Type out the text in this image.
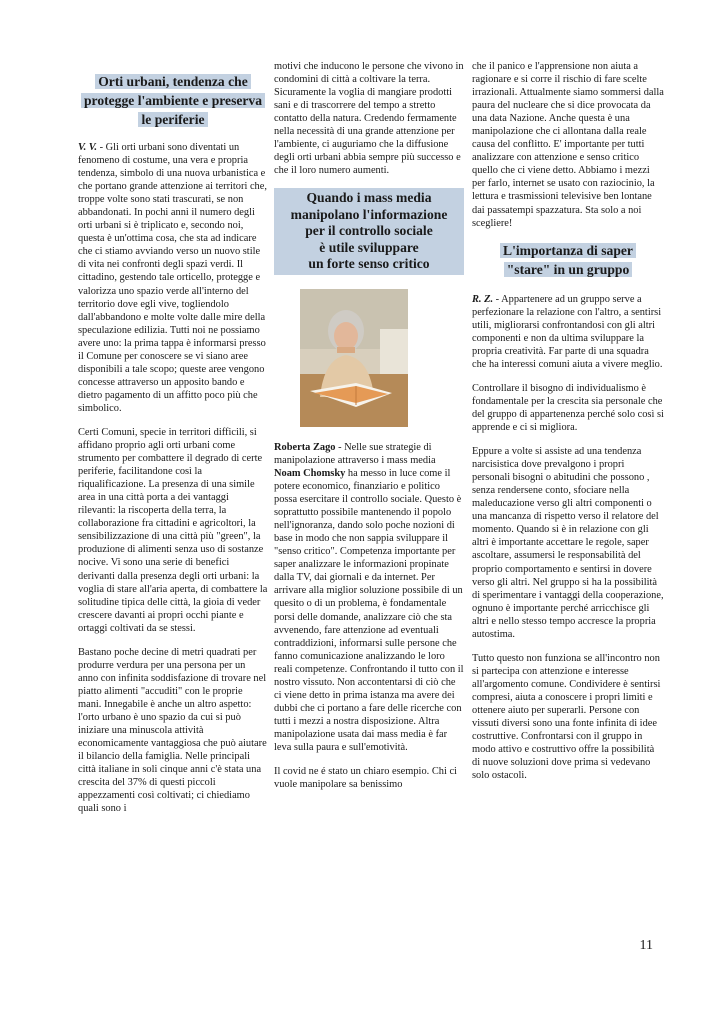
Orti urbani, tendenza che protegge l'ambiente e preserva le periferie

V. V. - Gli orti urbani sono diventati un fenomeno di costume, una vera e propria tendenza, simbolo di una nuova urbanistica e che portano grande attenzione ai territori che, troppe volte sono stati trascurati, se non abbandonati. In pochi anni il numero degli orti urbani si è triplicato e, secondo noi, questa è un'ottima cosa, che sta ad indicare che ci stiamo avviando verso un nuovo stile di vita nei confronti degli spazi verdi. Il cittadino, gestendo tale orticello, protegge e valorizza uno spazio verde all'interno del territorio dove egli vive, togliendolo dall'abbandono e molte volte dalle mire della speculazione edilizia. Tutti noi ne possiamo avere uno: la prima tappa è informarsi presso il Comune per conoscere se vi siano aree disponibili a tale scopo; queste aree vengono concesse attraverso un apposito bando e dietro pagamento di un affitto poco più che simbolico.

Certi Comuni, specie in territori difficili, si affidano proprio agli orti urbani come strumento per combattere il degrado di certe periferie, facilitandone così la riqualificazione. La presenza di una simile area in una città porta a dei vantaggi rilevanti: la riscoperta della terra, la collaborazione fra cittadini e agricoltori, la sensibilizzazione di una città più "green", la produzione di alimenti senza uso di sostanze nocive. Vi sono una serie di benefici derivanti dalla presenza degli orti urbani: la voglia di stare all'aria aperta, di combattere la solitudine tipica delle città, la gioia di veder crescere davanti ai propri occhi piante e ortaggi coltivati da se stessi.

Bastano poche decine di metri quadrati per produrre verdura per una persona per un anno con infinita soddisfazione di trovare nel piatto alimenti "accuditi" con le proprie mani. Innegabile è anche un altro aspetto: l'orto urbano è uno spazio da cui si può iniziare una minuscola attività economicamente vantaggiosa che può aiutare il bilancio della famiglia. Nelle principali città italiane in soli cinque anni c'è stata una crescita del 37% di questi piccoli appezzamenti così coltivati; ci chiediamo quali sono i

motivi che inducono le persone che vivono in condomini di città a coltivare la terra. Sicuramente la voglia di mangiare prodotti sani e di trascorrere del tempo a stretto contatto della natura. Credendo fermamente nella necessità di una grande attenzione per l'ambiente, ci auguriamo che la diffusione degli orti urbani abbia sempre più successo e che il loro numero aumenti.

Quando i mass media
manipolano l'informazione
per il controllo sociale
è utile sviluppare
un forte senso critico

Roberta Zago - Nelle sue strategie di manipolazione attraverso i mass media Noam Chomsky ha messo in luce come il potere economico, finanziario e politico possa esercitare il controllo sociale. Questo è soprattutto possibile mantenendo il popolo nell'ignoranza, dando solo poche nozioni di base in modo che non sappia sviluppare il "senso critico". Competenza importante per saper analizzare le informazioni propinate dalla TV, dai giornali e da internet. Per arrivare alla miglior soluzione possibile di un quesito o di un problema, è fondamentale porsi delle domande, analizzare ciò che sta avvenendo, fare attenzione ad eventuali contraddizioni, informarsi sulle persone che fanno comunicazione analizzando le loro reali competenze. Confrontando il tutto con il nostro vissuto. Non accontentarsi di ciò che ci viene detto in prima istanza ma avere dei dubbi che ci portano a fare delle ricerche con tutti i mezzi a nostra disposizione. Altra manipolazione usata dai mass media è far leva sulla paura e sull'emotività.

Il covid ne é stato un chiaro esempio. Chi ci vuole manipolare sa benissimo

che il panico e l'apprensione non aiuta a ragionare e si corre il rischio di fare scelte irrazionali. Attualmente siamo sommersi dalla paura del nucleare che si dice provocata da una data Nazione. Anche questa è una manipolazione che ci allontana dalla reale causa del conflitto. E' importante per tutti analizzare con attenzione e senso critico quello che ci viene detto. Abbiamo i mezzi per farlo, internet se usato con raziocinio, la lettura e trasmissioni televisive ben lontane dai passatempi spazzatura. Sta solo a noi scegliere!

L'importanza di saper
"stare" in un gruppo

R. Z. - Appartenere ad un gruppo serve a perfezionare la relazione con l'altro, a sentirsi utili, migliorarsi confrontandosi con gli altri componenti e non da ultima sviluppare la propria creatività. Far parte di una squadra che ha interessi comuni aiuta a vivere meglio.

Controllare il bisogno di individualismo è fondamentale per la crescita sia personale che del gruppo di appartenenza perché solo così si apprende e ci si migliora.

Eppure a volte si assiste ad una tendenza narcisistica dove prevalgono i propri personali bisogni o abitudini che possono , senza rendersene conto, sfociare nella maleducazione verso gli altri componenti o una mancanza di rispetto verso il relatore del momento. Quando si è in relazione con gli altri è importante accettare le regole, saper ascoltare, assumersi le responsabilità del proprio comportamento e sentirsi in dovere verso gli altri. Nel gruppo si ha la possibilità di sperimentare i vantaggi della cooperazione, ognuno è importante perché arricchisce gli altri e nello stesso tempo accresce la propria autostima.

Tutto questo non funziona se all'incontro non si partecipa con attenzione e interesse all'argomento comune. Condividere è sentirsi compresi, aiuta a conoscere i propri limiti e ottenere aiuto per superarli. Persone con vissuti diversi sono una fonte infinita di idee costruttive. Confrontarsi con il gruppo in modo attivo e costruttivo offre la possibilità di nuove soluzioni dove prima si vedevano solo ostacoli.

11
